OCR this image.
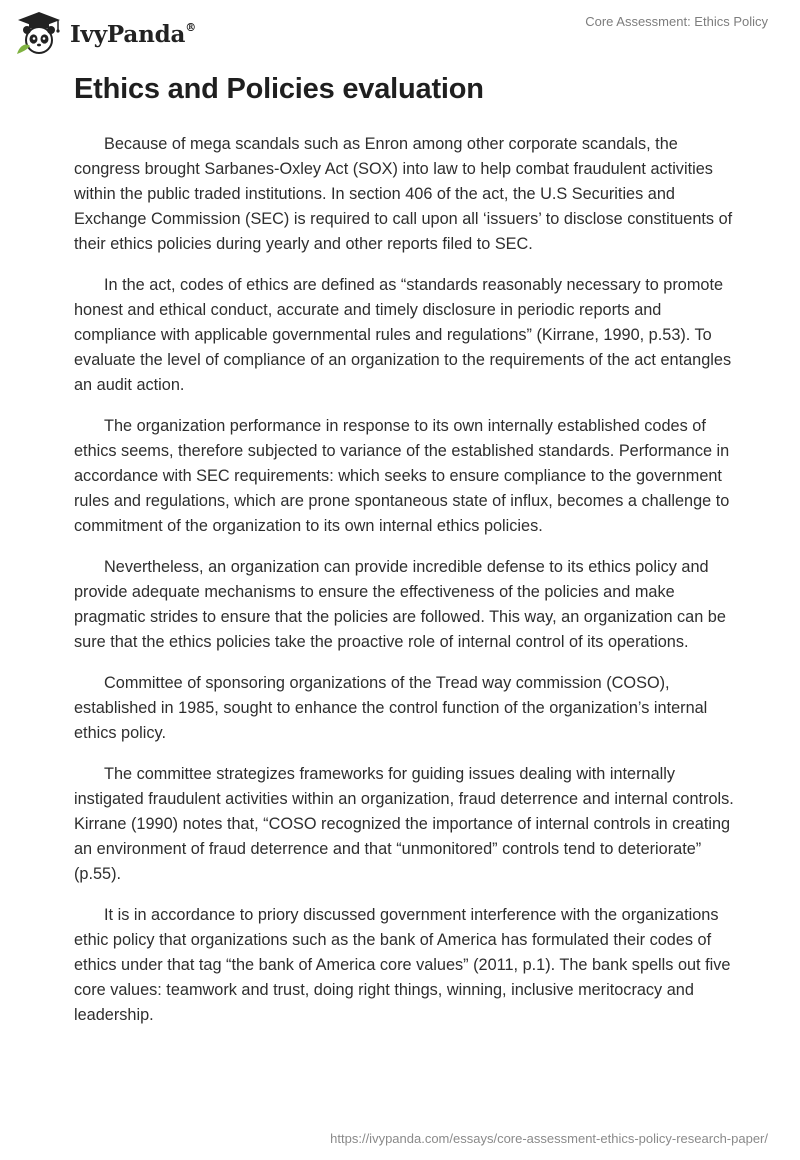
IvyPanda®	Core Assessment: Ethics Policy
Ethics and Policies evaluation

Because of mega scandals such as Enron among other corporate scandals, the congress brought Sarbanes-Oxley Act (SOX) into law to help combat fraudulent activities within the public traded institutions. In section 406 of the act, the U.S Securities and Exchange Commission (SEC) is required to call upon all ‘issuers’ to disclose constituents of their ethics policies during yearly and other reports filed to SEC.

In the act, codes of ethics are defined as “standards reasonably necessary to promote honest and ethical conduct, accurate and timely disclosure in periodic reports and compliance with applicable governmental rules and regulations” (Kirrane, 1990, p.53). To evaluate the level of compliance of an organization to the requirements of the act entangles an audit action.

The organization performance in response to its own internally established codes of ethics seems, therefore subjected to variance of the established standards. Performance in accordance with SEC requirements: which seeks to ensure compliance to the government rules and regulations, which are prone spontaneous state of influx, becomes a challenge to commitment of the organization to its own internal ethics policies.

Nevertheless, an organization can provide incredible defense to its ethics policy and provide adequate mechanisms to ensure the effectiveness of the policies and make pragmatic strides to ensure that the policies are followed. This way, an organization can be sure that the ethics policies take the proactive role of internal control of its operations.

Committee of sponsoring organizations of the Tread way commission (COSO), established in 1985, sought to enhance the control function of the organization’s internal ethics policy.

The committee strategizes frameworks for guiding issues dealing with internally instigated fraudulent activities within an organization, fraud deterrence and internal controls. Kirrane (1990) notes that, “COSO recognized the importance of internal controls in creating an environment of fraud deterrence and that “unmonitored” controls tend to deteriorate” (p.55).

It is in accordance to priory discussed government interference with the organizations ethic policy that organizations such as the bank of America has formulated their codes of ethics under that tag “the bank of America core values” (2011, p.1). The bank spells out five core values: teamwork and trust, doing right things, winning, inclusive meritocracy and leadership.

https://ivypanda.com/essays/core-assessment-ethics-policy-research-paper/
